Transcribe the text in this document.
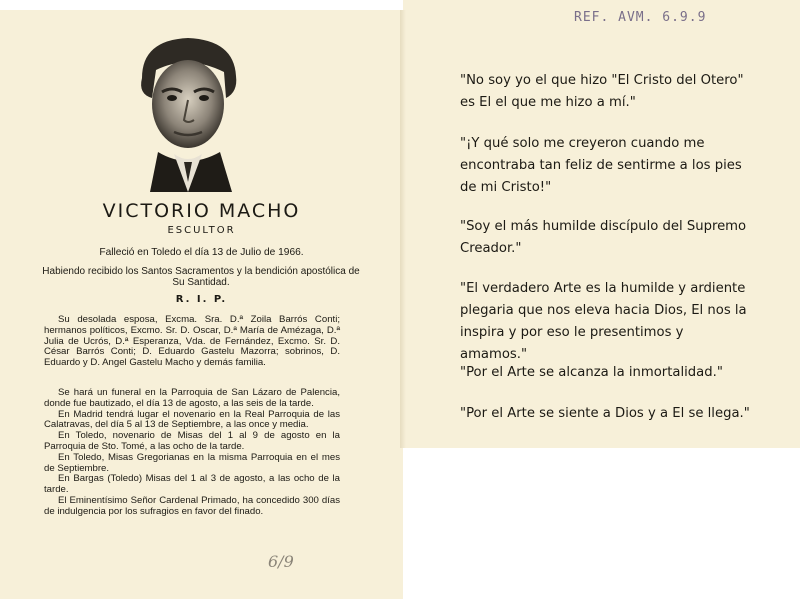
VICTORIO MACHO
ESCULTOR
Falleció en Toledo el día 13 de Julio de 1966.
Habiendo recibido los Santos Sacramentos y la bendición apostólica de Su Santidad.
R. I. P.

Su desolada esposa, Excma. Sra. D.ª Zoila Barrós Conti; hermanos políticos, Excmo. Sr. D. Oscar, D.ª María de Amézaga, D.ª Julia de Ucrós, D.ª Esperanza, Vda. de Fernández, Excmo. Sr. D. César Barrós Conti; D. Eduardo Gastelu Mazorra; sobrinos, D. Eduardo y D. Angel Gastelu Macho y demás familia.

Se hará un funeral en la Parroquia de San Lázaro de Palencia, donde fue bautizado, el día 13 de agosto, a las seis de la tarde.

En Madrid tendrá lugar el novenario en la Real Parroquia de las Calatravas, del día 5 al 13 de Septiembre, a las once y media.

En Toledo, novenario de Misas del 1 al 9 de agosto en la Parroquia de Sto. Tomé, a las ocho de la tarde.

En Toledo, Misas Gregorianas en la misma Parroquia en el mes de Septiembre.

En Bargas (Toledo) Misas del 1 al 3 de agosto, a las ocho de la tarde.

El Eminentísimo Señor Cardenal Primado, ha concedido 300 días de indulgencia por los sufragios en favor del finado.

6/9
REF. AVM. 6.9.9
"No soy yo el que hizo "El Cristo del Otero" es El el que me hizo a mí."
"¡Y qué solo me creyeron cuando me encontraba tan feliz de sentirme a los pies de mi Cristo!"
"Soy el más humilde discípulo del Supremo Creador."
"El verdadero Arte es la humilde y ardiente plegaria que nos eleva hacia Dios, El nos la inspira y por eso le presentimos y amamos."
"Por el Arte se alcanza la inmortalidad."
"Por el Arte se siente a Dios y a El se llega."
